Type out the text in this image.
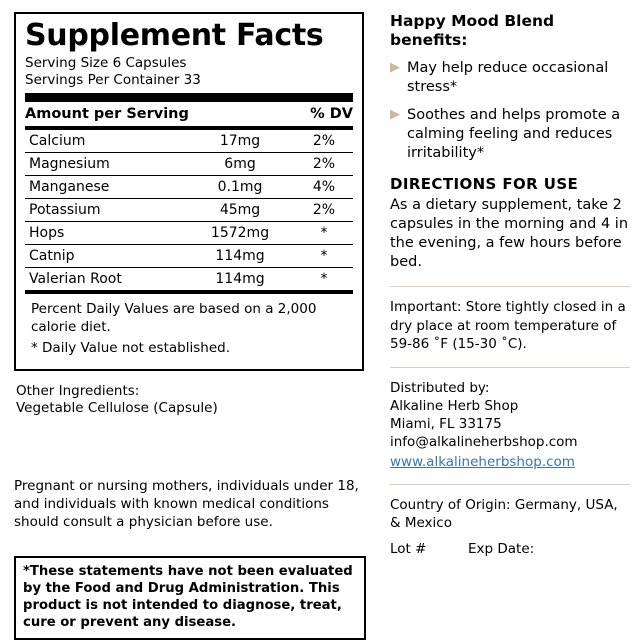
Supplement Facts
Serving Size 6 Capsules
Servings Per Container 33
Amount per Serving	% DV
Calcium	17mg	2%
Magnesium	6mg	2%
Manganese	0.1mg	4%
Potassium	45mg	2%
Hops	1572mg	*
Catnip	114mg	*
Valerian Root	114mg	*
Percent Daily Values are based on a 2,000 calorie diet.
* Daily Value not established.
Other Ingredients:
Vegetable Cellulose (Capsule)
Pregnant or nursing mothers, individuals under 18, and individuals with known medical conditions should consult a physician before use.
*These statements have not been evaluated by the Food and Drug Administration. This product is not intended to diagnose, treat, cure or prevent any disease.
Happy Mood Blend benefits:
▶ May help reduce occasional stress*
▶ Soothes and helps promote a calming feeling and reduces irritability*
DIRECTIONS FOR USE
As a dietary supplement, take 2 capsules in the morning and 4 in the evening, a few hours before bed.
Important: Store tightly closed in a dry place at room temperature of 59-86 ˚F (15-30 ˚C).
Distributed by:
Alkaline Herb Shop
Miami, FL 33175
info@alkalineherbshop.com
www.alkalineherbshop.com
Country of Origin: Germany, USA, & Mexico
Lot #	Exp Date:
